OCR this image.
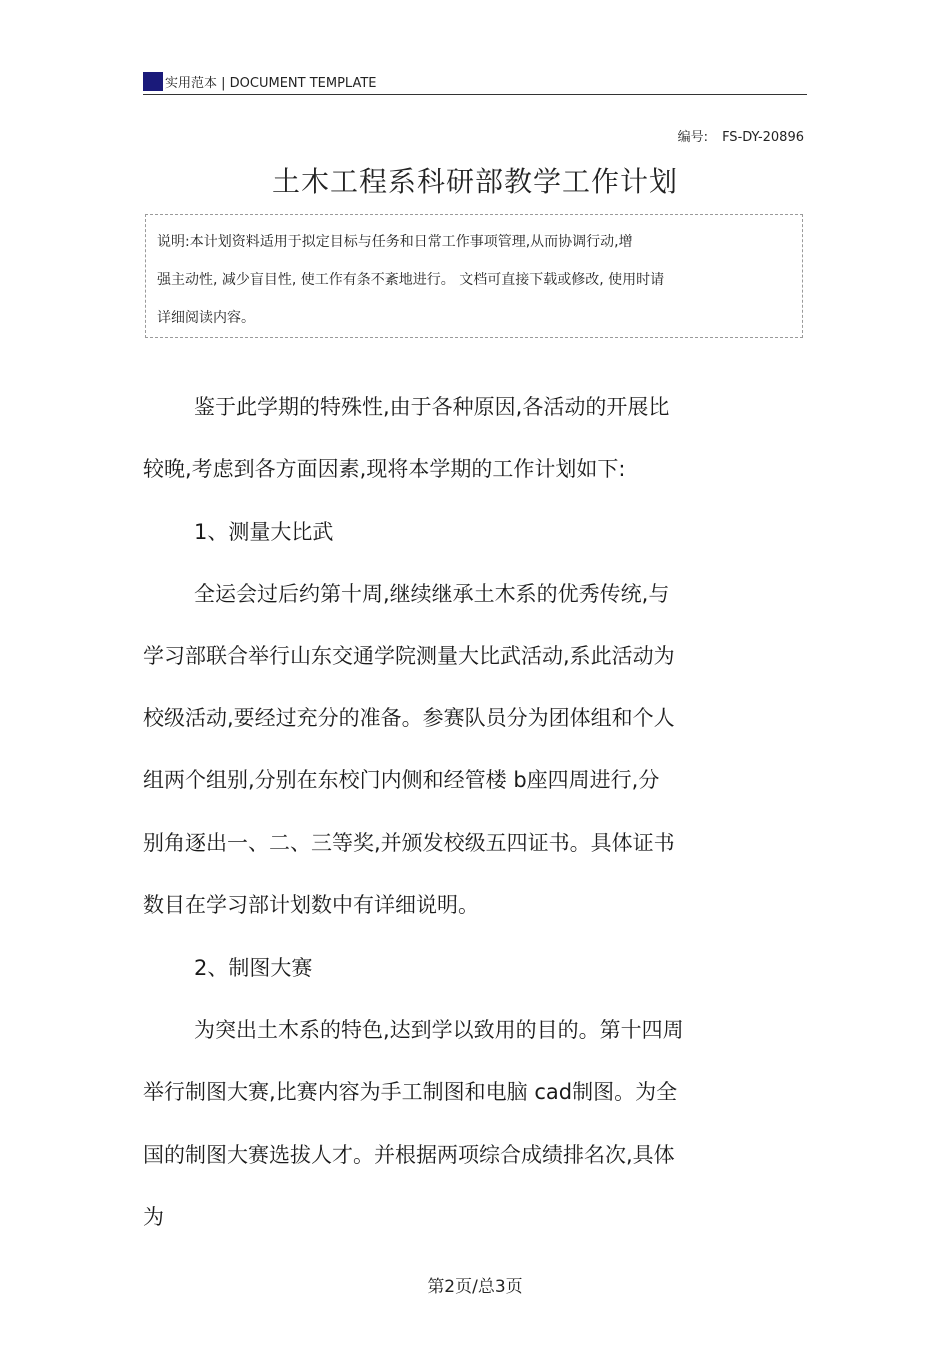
实用范本 | DOCUMENT TEMPLATE
编号: FS-DY-20896
土木工程系科研部教学工作计划
说明:本计划资料适用于拟定目标与任务和日常工作事项管理,从而协调行动,增
强主动性, 减少盲目性, 使工作有条不紊地进行。 文档可直接下载或修改, 使用时请
详细阅读内容。
鉴于此学期的特殊性,由于各种原因,各活动的开展比
较晚,考虑到各方面因素,现将本学期的工作计划如下:
1、测量大比武
全运会过后约第十周,继续继承土木系的优秀传统,与
学习部联合举行山东交通学院测量大比武活动,系此活动为
校级活动,要经过充分的准备。参赛队员分为团体组和个人
组两个组别,分别在东校门内侧和经管楼 b座四周进行,分
别角逐出一、二、三等奖,并颁发校级五四证书。具体证书
数目在学习部计划数中有详细说明。
2、制图大赛
为突出土木系的特色,达到学以致用的目的。第十四周
举行制图大赛,比赛内容为手工制图和电脑 cad制图。为全
国的制图大赛选拔人才。并根据两项综合成绩排名次,具体
为
第2页/总3页
